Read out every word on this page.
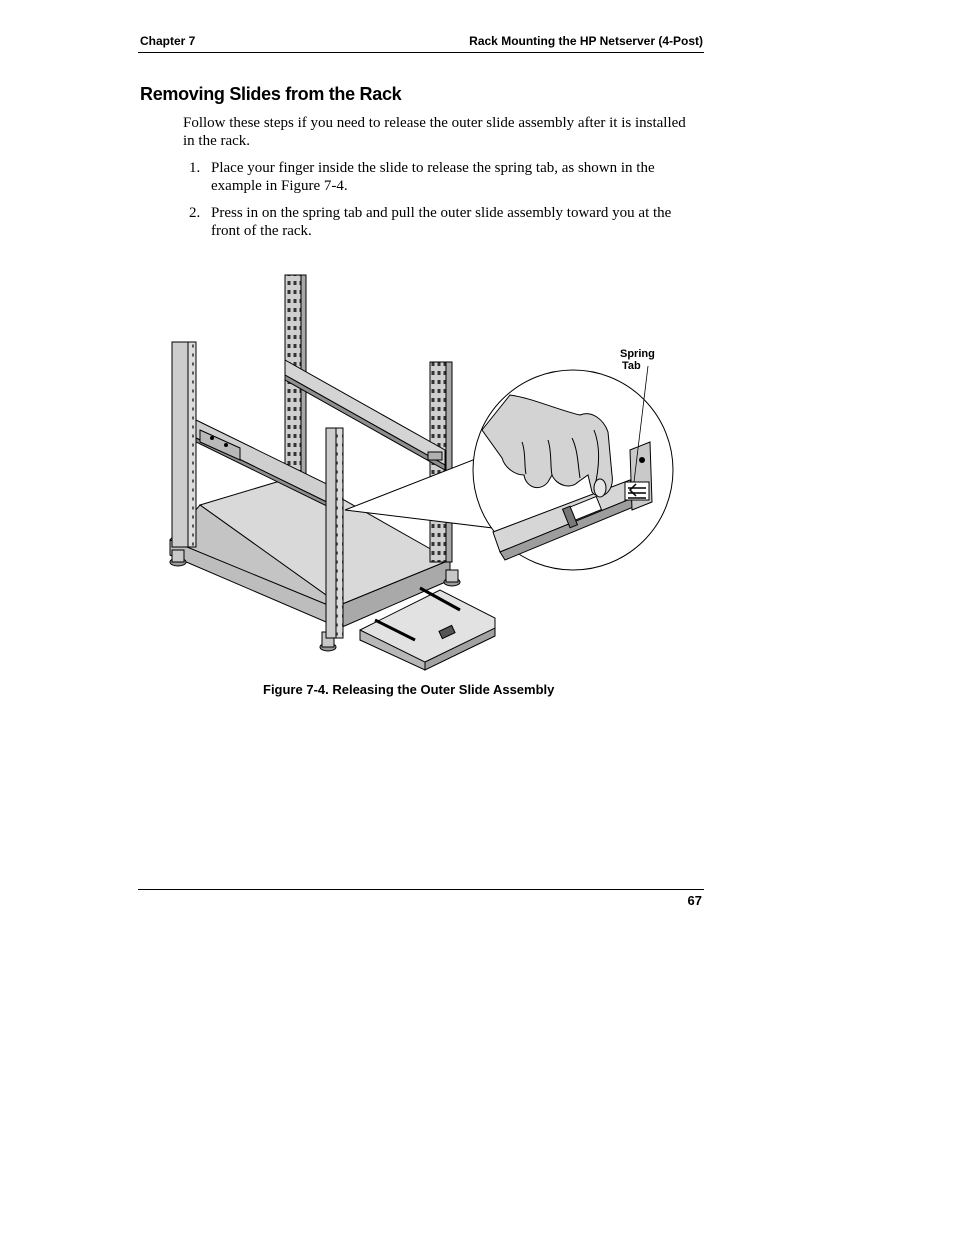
Chapter 7	Rack Mounting the HP Netserver (4-Post)
Removing Slides from the Rack
Follow these steps if you need to release the outer slide assembly after it is installed in the rack.
1. Place your finger inside the slide to release the spring tab, as shown in the example in Figure 7-4.
2. Press in on the spring tab and pull the outer slide assembly toward you at the front of the rack.
Spring
Tab
Figure 7-4. Releasing the Outer Slide Assembly
67
